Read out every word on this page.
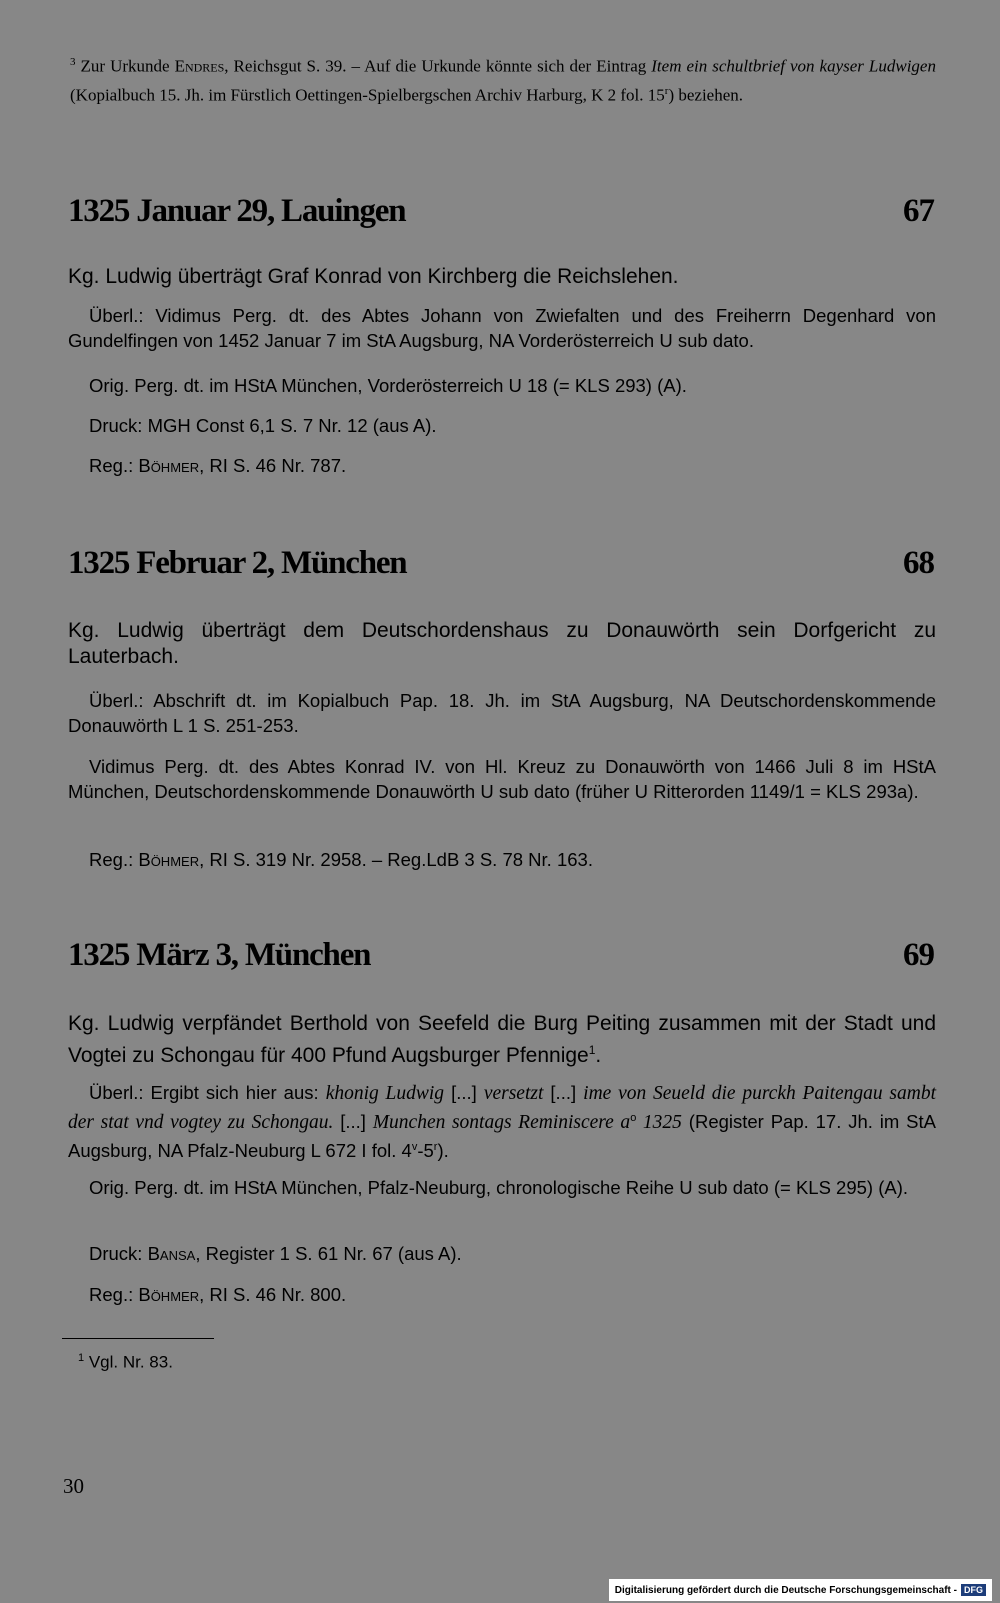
$^3$ Zur Urkunde Endres, Reichsgut S. 39. – Auf die Urkunde könnte sich der Eintrag Item ein schultbrief von kayser Ludwigen (Kopialbuch 15. Jh. im Fürstlich Oettingen-Spielbergschen Archiv Harburg, K 2 fol. 15$^r$) beziehen.
1325 Januar 29, Lauingen	67
Kg. Ludwig überträgt Graf Konrad von Kirchberg die Reichslehen.
Überl.: Vidimus Perg. dt. des Abtes Johann von Zwiefalten und des Freiherrn Degenhard von Gundelfingen von 1452 Januar 7 im StA Augsburg, NA Vorderösterreich U sub dato.
Orig. Perg. dt. im HStA München, Vorderösterreich U 18 (= KLS 293) (A).
Druck: MGH Const 6,1 S. 7 Nr. 12 (aus A).
Reg.: Böhmer, RI S. 46 Nr. 787.
1325 Februar 2, München	68
Kg. Ludwig überträgt dem Deutschordenshaus zu Donauwörth sein Dorfgericht zu Lauterbach.
Überl.: Abschrift dt. im Kopialbuch Pap. 18. Jh. im StA Augsburg, NA Deutschordenskommende Donauwörth L 1 S. 251-253.
Vidimus Perg. dt. des Abtes Konrad IV. von Hl. Kreuz zu Donauwörth von 1466 Juli 8 im HStA München, Deutschordenskommende Donauwörth U sub dato (früher U Ritterorden 1149/1 = KLS 293a).
Reg.: Böhmer, RI S. 319 Nr. 2958. – Reg.LdB 3 S. 78 Nr. 163.
1325 März 3, München	69
Kg. Ludwig verpfändet Berthold von Seefeld die Burg Peiting zusammen mit der Stadt und Vogtei zu Schongau für 400 Pfund Augsburger Pfennige$^1$.
Überl.: Ergibt sich hier aus: khonig Ludwig [...] versetzt [...] ime von Seueld die purckh Paitengau sambt der stat vnd vogtey zu Schongau. [...] Munchen sontags Reminiscere $a^o$ 1325 (Register Pap. 17. Jh. im StA Augsburg, NA Pfalz-Neuburg L 672 I fol. 4$^v$-5$^r$).
Orig. Perg. dt. im HStA München, Pfalz-Neuburg, chronologische Reihe U sub dato (= KLS 295) (A).
Druck: Bansa, Register 1 S. 61 Nr. 67 (aus A).
Reg.: Böhmer, RI S. 46 Nr. 800.
$^1$ Vgl. Nr. 83.
30
Digitalisierung gefördert durch die Deutsche Forschungsgemeinschaft - DFG
